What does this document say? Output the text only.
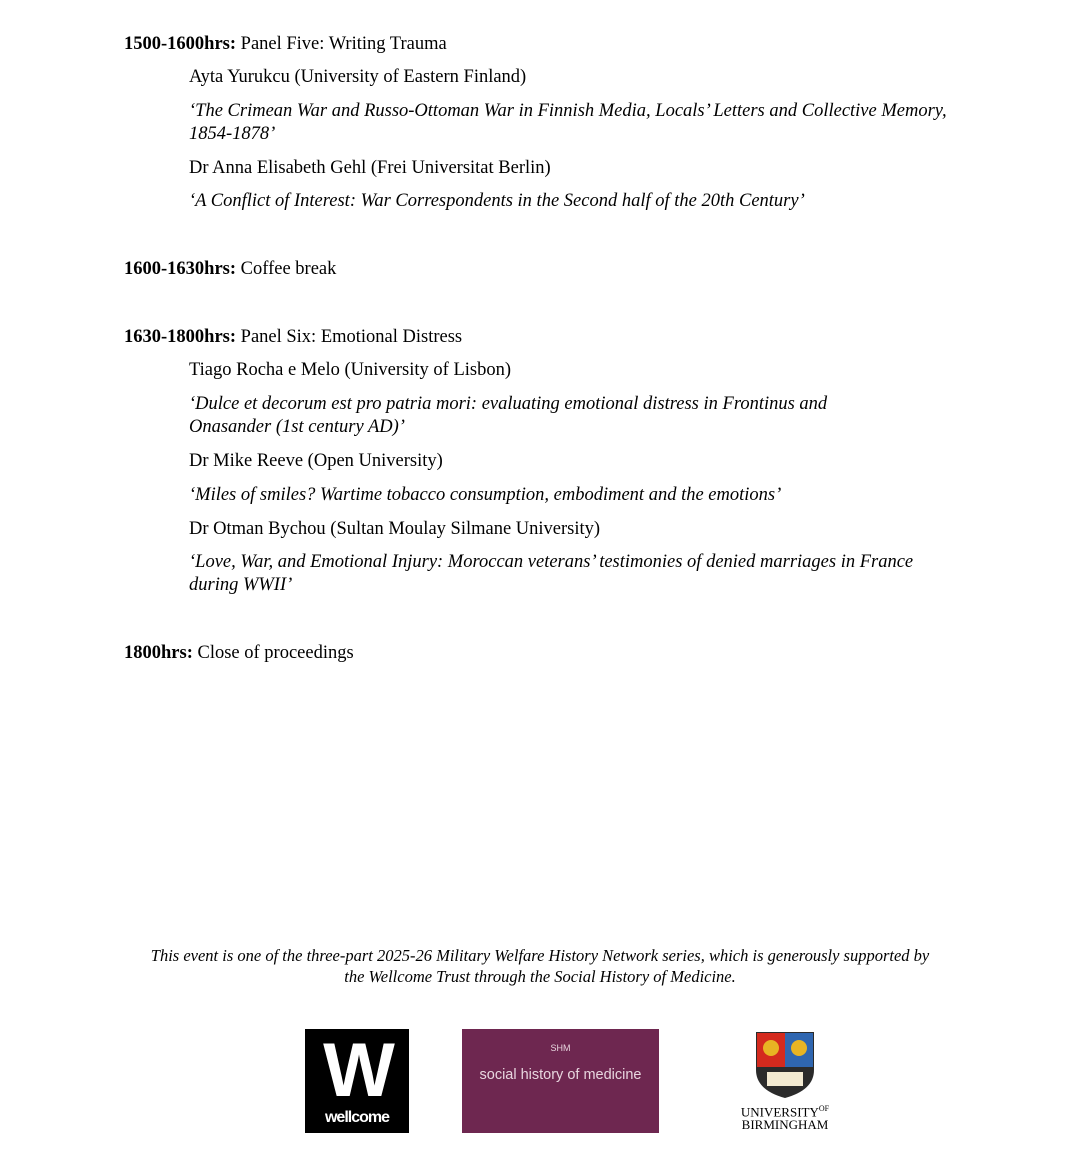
1500-1600hrs: Panel Five: Writing Trauma
Ayta Yurukcu (University of Eastern Finland)
‘The Crimean War and Russo-Ottoman War in Finnish Media, Locals’ Letters and Collective Memory, 1854-1878’
Dr Anna Elisabeth Gehl (Frei Universitat Berlin)
‘A Conflict of Interest: War Correspondents in the Second half of the 20th Century’
1600-1630hrs: Coffee break
1630-1800hrs: Panel Six: Emotional Distress
Tiago Rocha e Melo (University of Lisbon)
‘Dulce et decorum est pro patria mori: evaluating emotional distress in Frontinus and Onasander (1st century AD)’
Dr Mike Reeve (Open University)
‘Miles of smiles? Wartime tobacco consumption, embodiment and the emotions’
Dr Otman Bychou (Sultan Moulay Silmane University)
‘Love, War, and Emotional Injury: Moroccan veterans’ testimonies of denied marriages in France during WWII’
1800hrs: Close of proceedings
This event is one of the three-part 2025-26 Military Welfare History Network series, which is generously supported by the Wellcome Trust through the Social History of Medicine.
W
wellcome
SHM
social history of medicine
$UNIVERSITY^{OF}$
BIRMINGHAM
